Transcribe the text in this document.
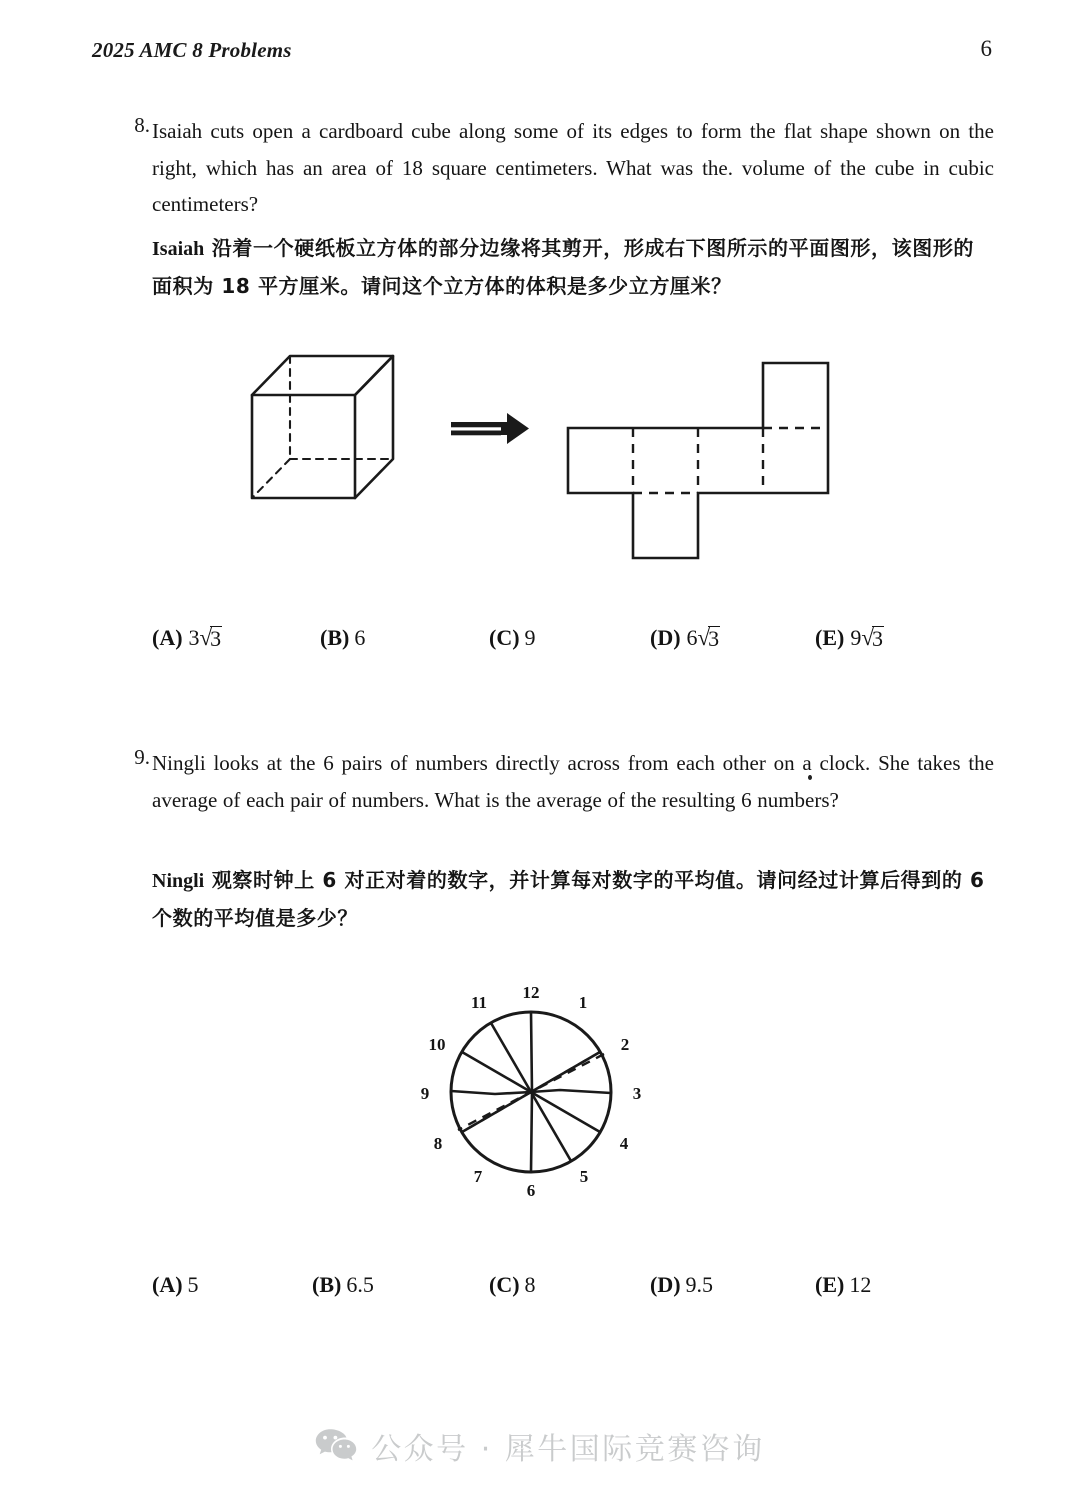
2025 AMC 8 Problems	6
8. Isaiah cuts open a cardboard cube along some of its edges to form the flat shape shown on the right, which has an area of 18 square centimeters. What was the. volume of the cube in cubic centimeters?
Isaiah 沿着一个硬纸板立方体的部分边缘将其剪开，形成右下图所示的平面图形，该图形的面积为 18 平方厘米。请问这个立方体的体积是多少立方厘米？
(A) 3√3	(B) 6	(C) 9	(D) 6√3	(E) 9√3
9. Ningli looks at the 6 pairs of numbers directly across from each other on a clock. She takes the average of each pair of numbers. What is the average of the resulting 6 numbers?
Ningli 观察时钟上 6 对正对着的数字，并计算每对数字的平均值。请问经过计算后得到的 6 个数的平均值是多少？
12
1
2
3
4
5
6
7
8
9
10
11
(A) 5	(B) 6.5	(C) 8	(D) 9.5	(E) 12
公众号 · 犀牛国际竞赛咨询
